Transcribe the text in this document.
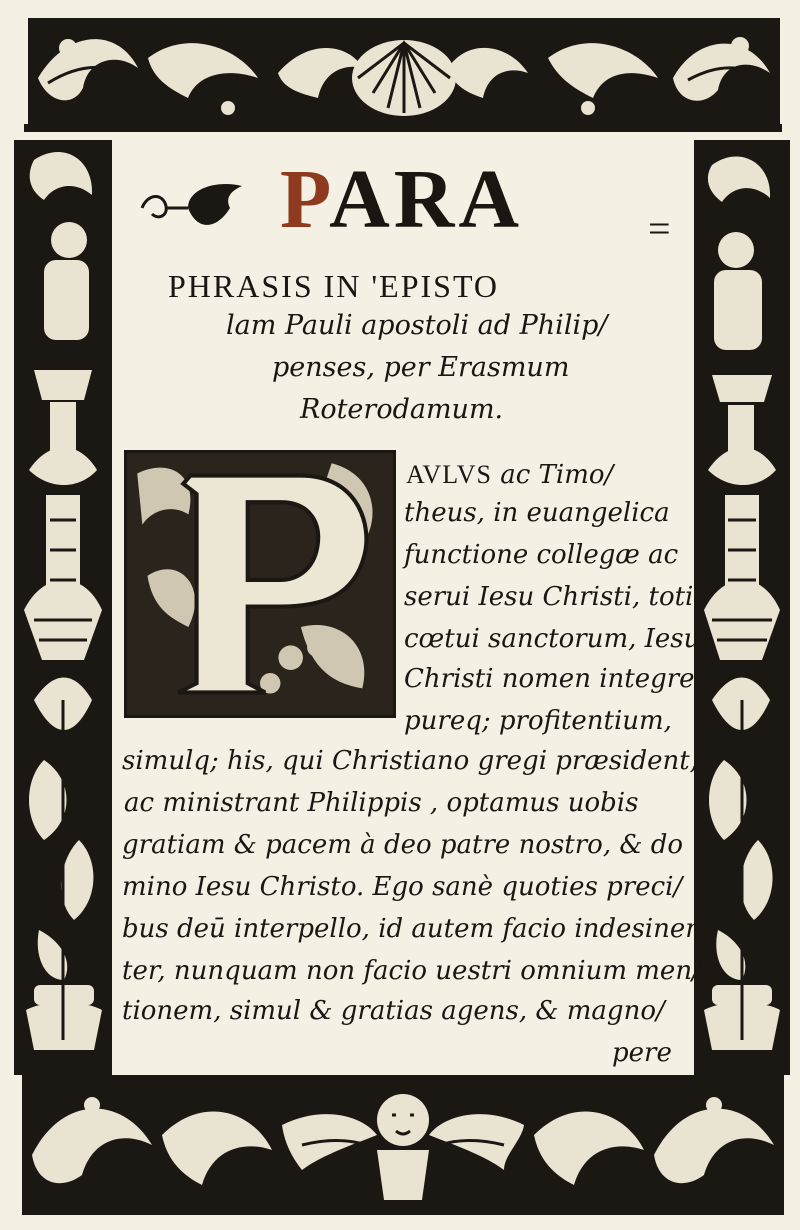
PARA	=
PHRASIS IN 'EPISTO
lam Pauli apostoli ad Philip/
penses, per Erasmum
Roterodamum.
AVLVS ac Timo/
theus, in euangelica
functione collegæ ac
serui Iesu Christi, toti
cœtui sanctorum, Iesu
Christi nomen integre
pureq; profitentium,
simulq; his, qui Christiano gregi præsident,
ac ministrant Philippis , optamus uobis
gratiam & pacem à deo patre nostro, & do
mino Iesu Christo. Ego sanè quoties preci/
bus deū interpello, id autem facio indesinen
ter, nunquam non facio uestri omnium men/
tionem, simul & gratias agens, & magno/
pere
